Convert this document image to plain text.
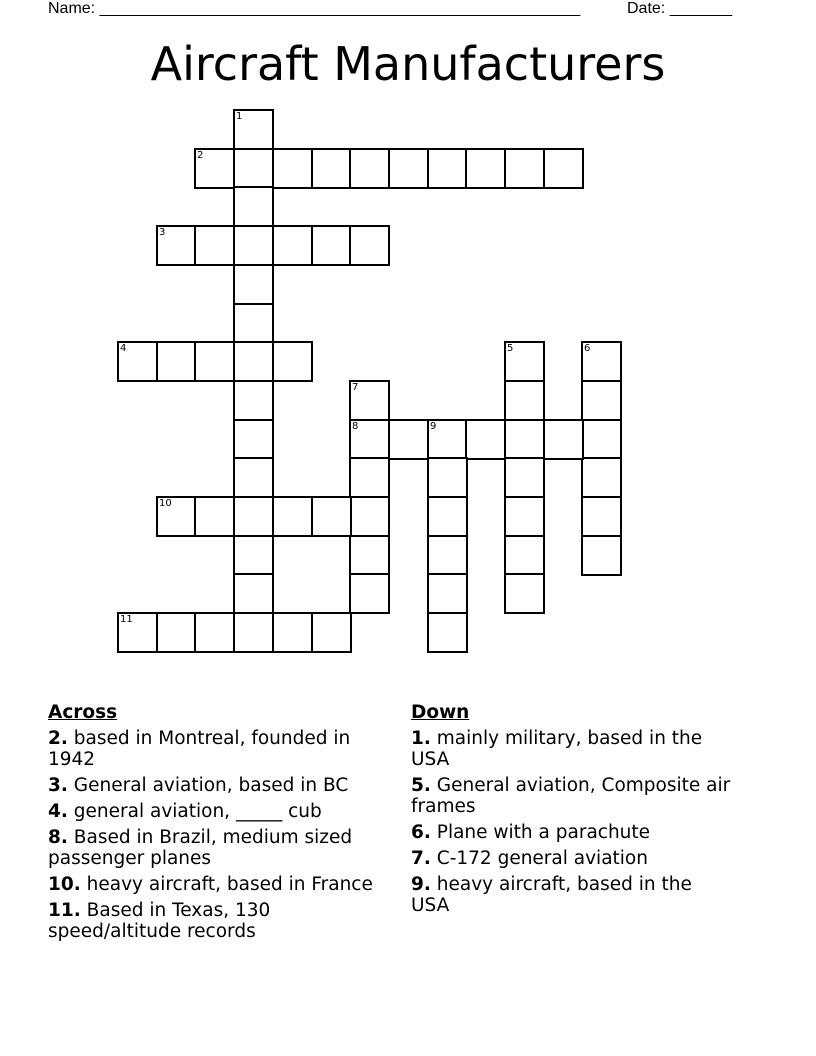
Name: ______________________________________________________	Date: _______
Aircraft Manufacturers
1
2
3
4	5	6
7
8	9
10
11
Across
2. based in Montreal, founded in 1942
3. General aviation, based in BC
4. general aviation, _____ cub
8. Based in Brazil, medium sized passenger planes
10. heavy aircraft, based in France
11. Based in Texas, 130 speed/altitude records
Down
1. mainly military, based in the USA
5. General aviation, Composite air frames
6. Plane with a parachute
7. C-172 general aviation
9. heavy aircraft, based in the USA
